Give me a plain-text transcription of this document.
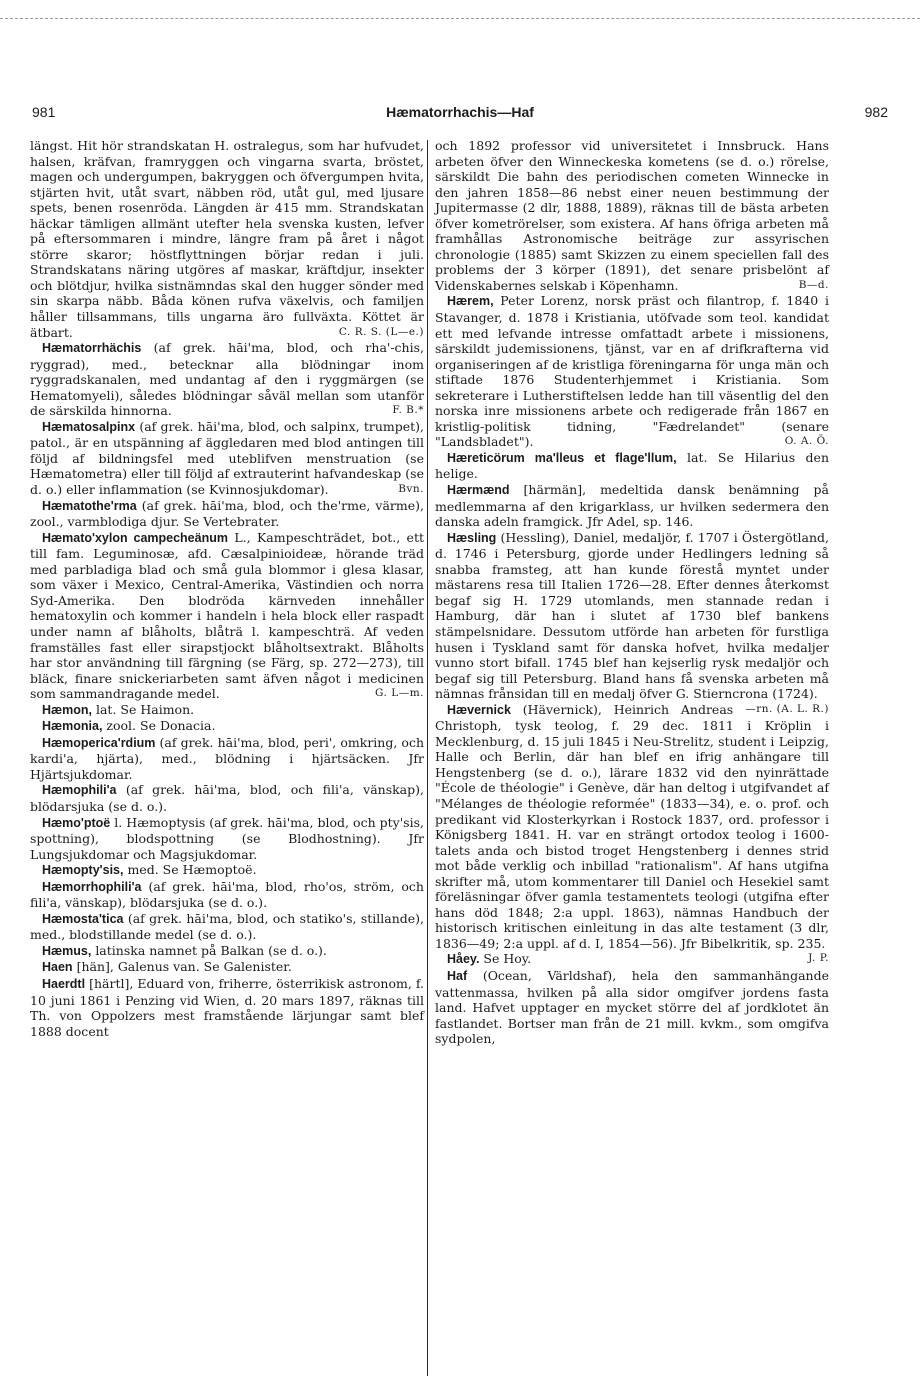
981	Hæmatorrhachis—Haf	982

längst. Hit hör strandskatan H. ostralegus, som har hufvudet, halsen, kräfvan, framryggen och vingarna svarta, bröstet, magen och undergumpen, bakryggen och öfvergumpen hvita, stjärten hvit, utåt svart, näbben röd, utåt gul, med ljusare spets, benen rosenröda. Längden är 415 mm. Strandskatan häckar tämligen allmänt utefter hela svenska kusten, lefver på eftersommaren i mindre, längre fram på året i något större skaror; höstflyttningen börjar redan i juli. Strandskatans näring utgöres af maskar, kräftdjur, insekter och blötdjur, hvilka sistnämndas skal den hugger sönder med sin skarpa näbb. Båda könen rufva växelvis, och familjen håller tillsammans, tills ungarna äro fullväxta. Köttet är ätbart.	C. R. S. (L—e.)

Hæmatorrhächis (af grek. hāi'ma, blod, och rha'-chis, ryggrad), med., betecknar alla blödningar inom ryggradskanalen, med undantag af den i ryggmärgen (se Hematomyeli), således blödningar såväl mellan som utanför de särskilda hinnorna.	F. B.*

Hæmatosalpinx (af grek. hāi'ma, blod, och salpinx, trumpet), patol., är en utspänning af äggledaren med blod antingen till följd af bildningsfel med uteblifven menstruation (se Hæmatometra) eller till följd af extrauterint hafvandeskap (se d. o.) eller inflammation (se Kvinnosjukdomar).	Bvn.

Hæmatothe'rma (af grek. hāi'ma, blod, och the'rme, värme), zool., varmblodiga djur. Se Vertebrater.

Hæmato'xylon campecheänum L., Kampeschträdet, bot., ett till fam. Leguminosæ, afd. Cæsalpinioideæ, hörande träd med parbladiga blad och små gula blommor i glesa klasar, som växer i Mexico, Central-Amerika, Västindien och norra Syd-Amerika. Den blodröda kärnveden innehåller hematoxylin och kommer i handeln i hela block eller raspadt under namn af blåholts, blåträ l. kampeschträ. Af veden framställes fast eller sirapstjockt blåholtsextrakt. Blåholts har stor användning till färgning (se Färg, sp. 272—273), till bläck, finare snickeriarbeten samt äfven något i medicinen som sammandragande medel.	G. L—m.

Hæmon, lat. Se Haimon.

Hæmonia, zool. Se Donacia.

Hæmoperica'rdium (af grek. hāi'ma, blod, peri', omkring, och kardi'a, hjärta), med., blödning i hjärtsäcken. Jfr Hjärtsjukdomar.

Hæmophili'a (af grek. hāi'ma, blod, och fili'a, vänskap), blödarsjuka (se d. o.).

Hæmo'ptoë l. Hæmoptysis (af grek. hāi'ma, blod, och pty'sis, spottning), blodspottning (se Blodhostning). Jfr Lungsjukdomar och Magsjukdomar.

Hæmopty'sis, med. Se Hæmoptoë.

Hæmorrhophili'a (af grek. hāi'ma, blod, rho'os, ström, och fili'a, vänskap), blödarsjuka (se d. o.).

Hæmosta'tica (af grek. hāi'ma, blod, och statiko's, stillande), med., blodstillande medel (se d. o.).

Hæmus, latinska namnet på Balkan (se d. o.).

Haen [hän], Galenus van. Se Galenister.

Haerdtl [härtl], Eduard von, friherre, österrikisk astronom, f. 10 juni 1861 i Penzing vid Wien, d. 20 mars 1897, räknas till Th. von Oppolzers mest framstående lärjungar samt blef 1888 docent

och 1892 professor vid universitetet i Innsbruck. Hans arbeten öfver den Winneckeska kometens (se d. o.) rörelse, särskildt Die bahn des periodischen cometen Winnecke in den jahren 1858—86 nebst einer neuen bestimmung der Jupitermasse (2 dlr, 1888, 1889), räknas till de bästa arbeten öfver kometrörelser, som existera. Af hans öfriga arbeten må framhållas Astronomische beiträge zur assyrischen chronologie (1885) samt Skizzen zu einem speciellen fall des problems der 3 körper (1891), det senare prisbelönt af Videnskabernes selskab i Köpenhamn.	B—d.

Hærem, Peter Lorenz, norsk präst och filantrop, f. 1840 i Stavanger, d. 1878 i Kristiania, utöfvade som teol. kandidat ett med lefvande intresse omfattadt arbete i missionens, särskildt judemissionens, tjänst, var en af drifkrafterna vid organiseringen af de kristliga föreningarna för unga män och stiftade 1876 Studenterhjemmet i Kristiania. Som sekreterare i Lutherstiftelsen ledde han till väsentlig del den norska inre missionens arbete och redigerade från 1867 en kristlig-politisk tidning, "Fædrelandet" (senare "Landsbladet").	O. A. Ö.

Hæreticörum ma'lleus et flage'llum, lat. Se Hilarius den helige.

Hærmænd [härmän], medeltida dansk benämning på medlemmarna af den krigarklass, ur hvilken sedermera den danska adeln framgick. Jfr Adel, sp. 146.

Hæsling (Hessling), Daniel, medaljör, f. 1707 i Östergötland, d. 1746 i Petersburg, gjorde under Hedlingers ledning så snabba framsteg, att han kunde förestå myntet under mästarens resa till Italien 1726—28. Efter dennes återkomst begaf sig H. 1729 utomlands, men stannade redan i Hamburg, där han i slutet af 1730 blef bankens stämpelsnidare. Dessutom utförde han arbeten för furstliga husen i Tyskland samt för danska hofvet, hvilka medaljer vunno stort bifall. 1745 blef han kejserlig rysk medaljör och begaf sig till Petersburg. Bland hans få svenska arbeten må nämnas frånsidan till en medalj öfver G. Stierncrona (1724).
—rn. (A. L. R.)

Hævernick (Hävernick), Heinrich Andreas Christoph, tysk teolog, f. 29 dec. 1811 i Kröplin i Mecklenburg, d. 15 juli 1845 i Neu-Strelitz, student i Leipzig, Halle och Berlin, där han blef en ifrig anhängare till Hengstenberg (se d. o.), lärare 1832 vid den nyinrättade "École de théologie" i Genève, där han deltog i utgifvandet af "Mélanges de théologie reformée" (1833—34), e. o. prof. och predikant vid Klosterkyrkan i Rostock 1837, ord. professor i Königsberg 1841. H. var en strängt ortodox teolog i 1600-talets anda och bistod troget Hengstenberg i dennes strid mot både verklig och inbillad "rationalism". Af hans utgifna skrifter må, utom kommentarer till Daniel och Hesekiel samt föreläsningar öfver gamla testamentets teologi (utgifna efter hans död 1848; 2:a uppl. 1863), nämnas Handbuch der historisch kritischen einleitung in das alte testament (3 dlr, 1836—49; 2:a uppl. af d. I, 1854—56). Jfr Bibelkritik, sp. 235.
J. P.

Håey. Se Hoy.

Haf (Ocean, Världshaf), hela den sammanhängande vattenmassa, hvilken på alla sidor omgifver jordens fasta land. Hafvet upptager en mycket större del af jordklotet än fastlandet. Bortser man från de 21 mill. kvkm., som omgifva sydpolen,
